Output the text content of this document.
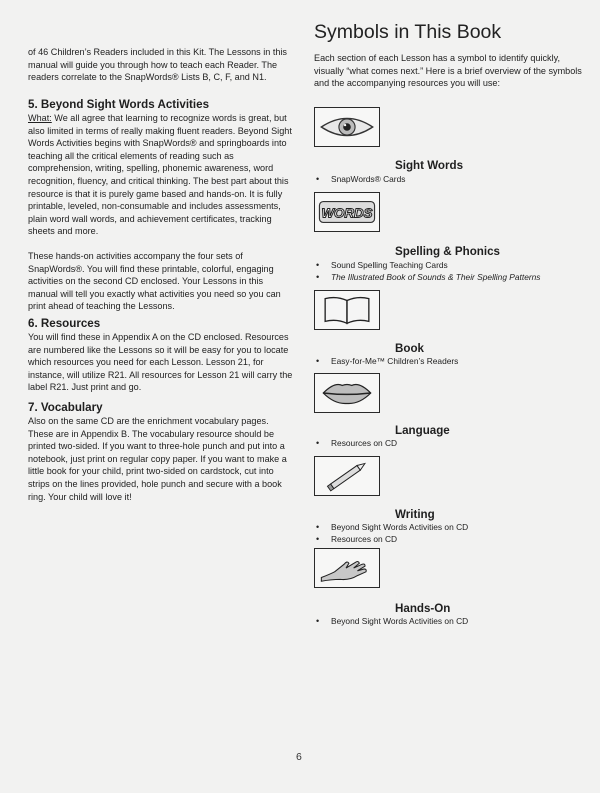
of 46 Children’s Readers included in this Kit. The Lessons in this manual will guide you through how to teach each Reader. The readers correlate to the SnapWords® Lists B, C, F, and N1.

5. Beyond Sight Words Activities

What: We all agree that learning to recognize words is great, but also limited in terms of really making fluent readers. Beyond Sight Words Activities begins with SnapWords® and springboards into teaching all the critical elements of reading such as comprehension, writing, spelling, phonemic awareness, word recognition, fluency, and critical thinking. The best part about this resource is that it is purely game based and hands-on. It is fully printable, leveled, non-consumable and includes assessments, plain word wall words, and achievement certificates, tracking sheets and more.

These hands-on activities accompany the four sets of SnapWords®. You will find these printable, colorful, engaging activities on the second CD enclosed. Your Lessons in this manual will tell you exactly what activities you need so you can print ahead of teaching the Lessons.

6. Resources

You will find these in Appendix A on the CD enclosed. Resources are numbered like the Lessons so it will be easy for you to locate which resources you need for each Lesson. Lesson 21, for instance, will utilize R21. All resources for Lesson 21 will carry the label R21. Just print and go.

7. Vocabulary

Also on the same CD are the enrichment vocabulary pages. These are in Appendix B. The vocabulary resource should be printed two-sided. If you want to three-hole punch and put into a notebook, just print on regular copy paper. If you want to make a little book for your child, print two-sided on cardstock, cut into strips on the lines provided, hole punch and secure with a book ring. Your child will love it!

Symbols in This Book

Each section of each Lesson has a symbol to identify quickly, visually “what comes next.” Here is a brief overview of the symbols and the accompanying resources you will use:

Sight Words
• SnapWords® Cards
WORDS
Spelling & Phonics
• Sound Spelling Teaching Cards
• The Illustrated Book of Sounds & Their Spelling Patterns
Book
• Easy-for-Me™ Children’s Readers
Language
• Resources on CD
Writing
• Beyond Sight Words Activities on CD
• Resources on CD
Hands-On
• Beyond Sight Words Activities on CD
6
